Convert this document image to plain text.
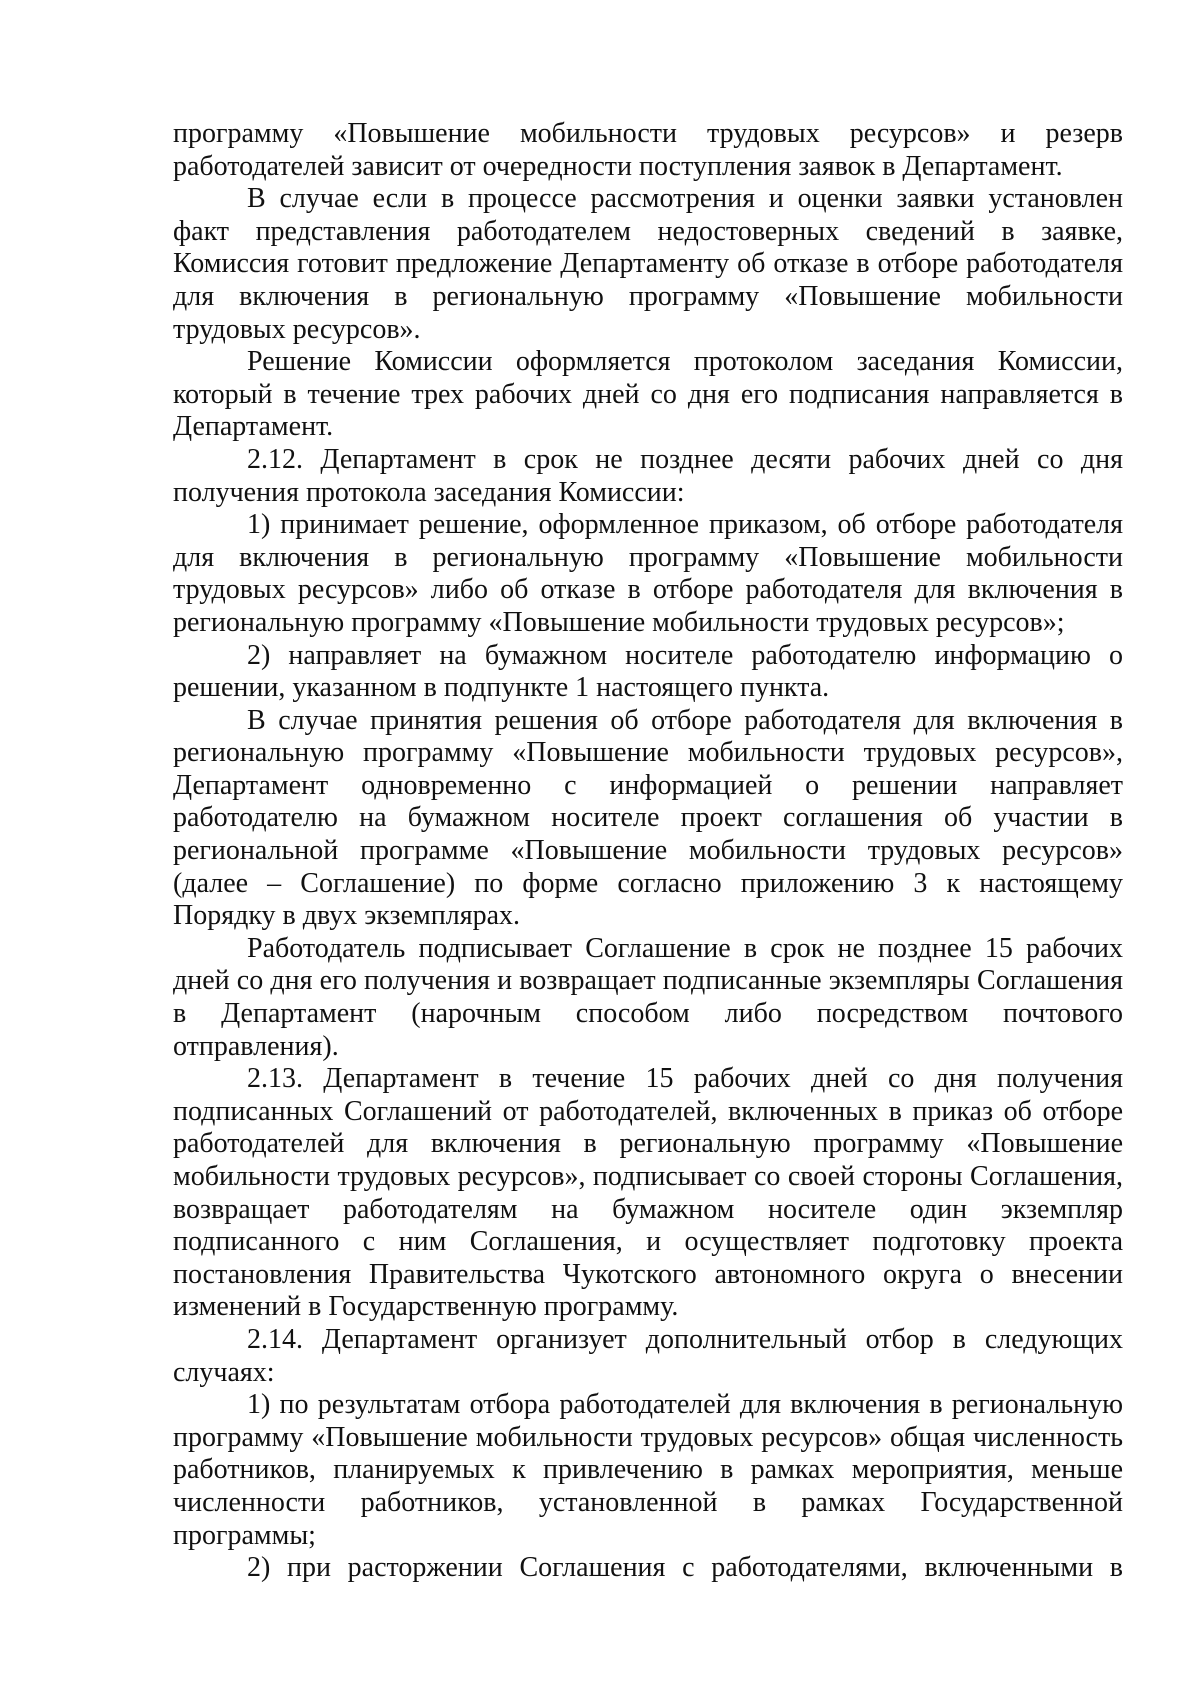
программу «Повышение мобильности трудовых ресурсов» и резерв работодателей зависит от очередности поступления заявок в Департамент.

В случае если в процессе рассмотрения и оценки заявки установлен факт представления работодателем недостоверных сведений в заявке, Комиссия готовит предложение Департаменту об отказе в отборе работодателя для включения в региональную программу «Повышение мобильности трудовых ресурсов».

Решение Комиссии оформляется протоколом заседания Комиссии, который в течение трех рабочих дней со дня его подписания направляется в Департамент.

2.12. Департамент в срок не позднее десяти рабочих дней со дня получения протокола заседания Комиссии:

1) принимает решение, оформленное приказом, об отборе работодателя для включения в региональную программу «Повышение мобильности трудовых ресурсов» либо об отказе в отборе работодателя для включения в региональную программу «Повышение мобильности трудовых ресурсов»;

2) направляет на бумажном носителе работодателю информацию о решении, указанном в подпункте 1 настоящего пункта.

В случае принятия решения об отборе работодателя для включения в региональную программу «Повышение мобильности трудовых ресурсов», Департамент одновременно с информацией о решении направляет работодателю на бумажном носителе проект соглашения об участии в региональной программе «Повышение мобильности трудовых ресурсов» (далее – Соглашение) по форме согласно приложению 3 к настоящему Порядку в двух экземплярах.

Работодатель подписывает Соглашение в срок не позднее 15 рабочих дней со дня его получения и возвращает подписанные экземпляры Соглашения в Департамент (нарочным способом либо посредством почтового отправления).

2.13. Департамент в течение 15 рабочих дней со дня получения подписанных Соглашений от работодателей, включенных в приказ об отборе работодателей для включения в региональную программу «Повышение мобильности трудовых ресурсов», подписывает со своей стороны Соглашения, возвращает работодателям на бумажном носителе один экземпляр подписанного с ним Соглашения, и осуществляет подготовку проекта постановления Правительства Чукотского автономного округа о внесении изменений в Государственную программу.

2.14. Департамент организует дополнительный отбор в следующих случаях:

1) по результатам отбора работодателей для включения в региональную программу «Повышение мобильности трудовых ресурсов» общая численность работников, планируемых к привлечению в рамках мероприятия, меньше численности работников, установленной в рамках Государственной программы;

2) при расторжении Соглашения с работодателями, включенными в
